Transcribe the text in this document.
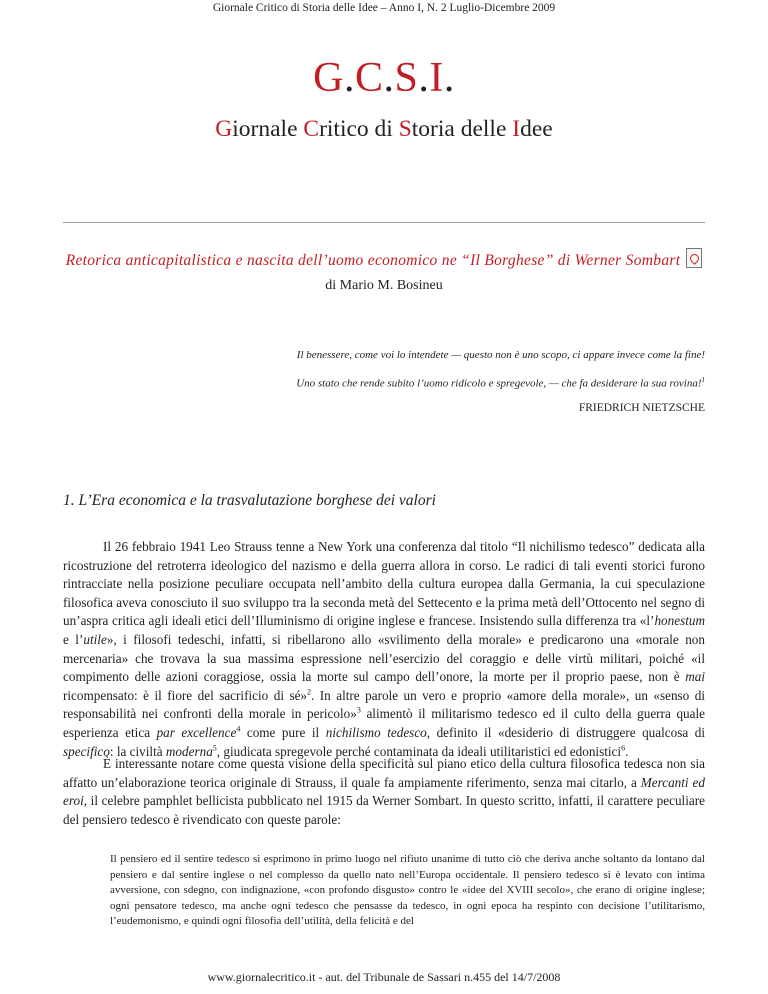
Giornale Critico di Storia delle Idee – Anno I, N. 2 Luglio-Dicembre 2009
G.C.S.I.
Giornale Critico di Storia delle Idee
Retorica anticapitalistica e nascita dell’uomo economico ne “Il Borghese” di Werner Sombart
di Mario M. Bosineu
Il benessere, come voi lo intendete — questo non è uno scopo, ci appare invece come la fine!
Uno stato che rende subito l’uomo ridicolo e spregevole, — che fa desiderare la sua rovina!$^1$
FRIEDRICH NIETZSCHE
1. L’Era economica e la trasvalutazione borghese dei valori

Il 26 febbraio 1941 Leo Strauss tenne a New York una conferenza dal titolo “Il nichilismo tedesco” dedicata alla ricostruzione del retroterra ideologico del nazismo e della guerra allora in corso. Le radici di tali eventi storici furono rintracciate nella posizione peculiare occupata nell’ambito della cultura europea dalla Germania, la cui speculazione filosofica aveva conosciuto il suo sviluppo tra la seconda metà del Settecento e la prima metà dell’Ottocento nel segno di un’aspra critica agli ideali etici dell’Illuminismo di origine inglese e francese. Insistendo sulla differenza tra «l’honestum e l’utile», i filosofi tedeschi, infatti, si ribellarono allo «svilimento della morale» e predicarono una «morale non mercenaria» che trovava la sua massima espressione nell’esercizio del coraggio e delle virtù militari, poiché «il compimento delle azioni coraggiose, ossia la morte sul campo dell’onore, la morte per il proprio paese, non è mai ricompensato: è il fiore del sacrificio di sé»$^2$. In altre parole un vero e proprio «amore della morale», un «senso di responsabilità nei confronti della morale in pericolo»$^3$ alimentò il militarismo tedesco ed il culto della guerra quale esperienza etica par excellence$^4$ come pure il nichilismo tedesco, definito il «desiderio di distruggere qualcosa di specifico: la civiltà moderna$^5$, giudicata spregevole perché contaminata da ideali utilitaristici ed edonistici$^6$.

È interessante notare come questa visione della specificità sul piano etico della cultura filosofica tedesca non sia affatto un’elaborazione teorica originale di Strauss, il quale fa ampiamente riferimento, senza mai citarlo, a Mercanti ed eroi, il celebre pamphlet bellicista pubblicato nel 1915 da Werner Sombart. In questo scritto, infatti, il carattere peculiare del pensiero tedesco è rivendicato con queste parole:

Il pensiero ed il sentire tedesco si esprimono in primo luogo nel rifiuto unanime di tutto ciò che deriva anche soltanto da lontano dal pensiero e dal sentire inglese o nel complesso da quello nato nell’Europa occidentale. Il pensiero tedesco si è levato con intima avversione, con sdegno, con indignazione, «con profondo disgusto» contro le «idee del XVIII secolo», che erano di origine inglese; ogni pensatore tedesco, ma anche ogni tedesco che pensasse da tedesco, in ogni epoca ha respinto con decisione l’utilitarismo, l’eudemonismo, e quindi ogni filosofia dell’utilità, della felicità e del

www.giornalecritico.it - aut. del Tribunale de Sassari n.455 del 14/7/2008
